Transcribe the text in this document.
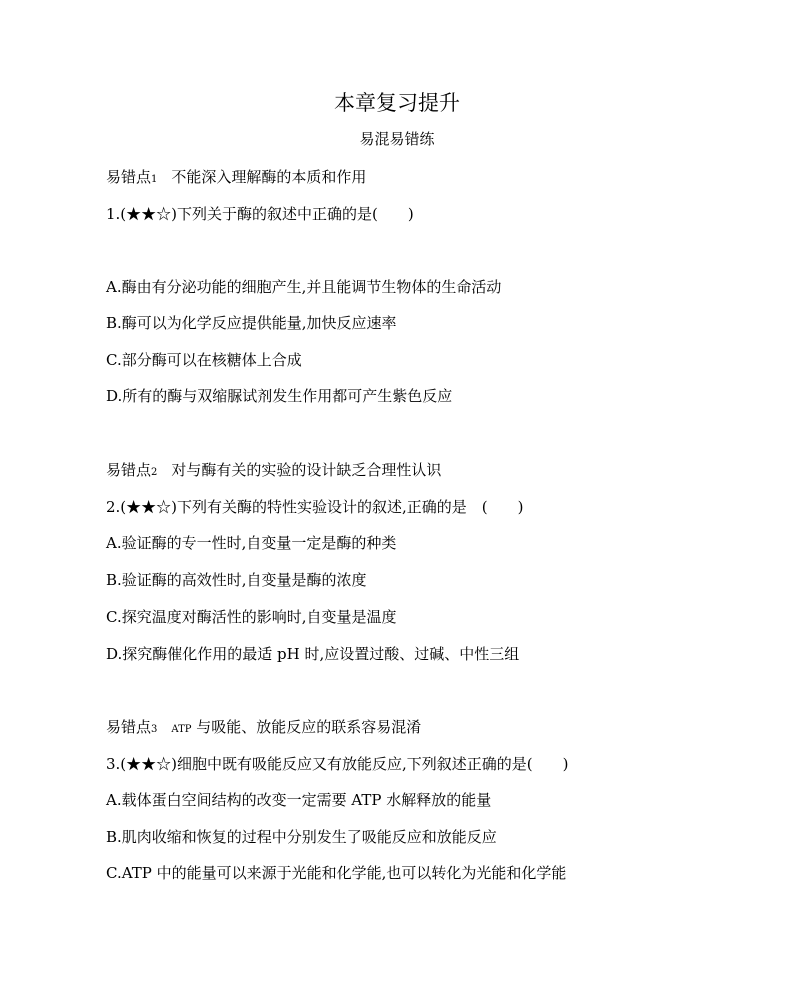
本章复习提升
易混易错练
易错点1 不能深入理解酶的本质和作用
1.(★★☆)下列关于酶的叙述中正确的是(　　)
A.酶由有分泌功能的细胞产生,并且能调节生物体的生命活动
B.酶可以为化学反应提供能量,加快反应速率
C.部分酶可以在核糖体上合成
D.所有的酶与双缩脲试剂发生作用都可产生紫色反应
易错点2 对与酶有关的实验的设计缺乏合理性认识
2.(★★☆)下列有关酶的特性实验设计的叙述,正确的是　(　　)
A.验证酶的专一性时,自变量一定是酶的种类
B.验证酶的高效性时,自变量是酶的浓度
C.探究温度对酶活性的影响时,自变量是温度
D.探究酶催化作用的最适 pH 时,应设置过酸、过碱、中性三组
易错点3 ATP 与吸能、放能反应的联系容易混淆
3.(★★☆)细胞中既有吸能反应又有放能反应,下列叙述正确的是(　　)
A.载体蛋白空间结构的改变一定需要 ATP 水解释放的能量
B.肌肉收缩和恢复的过程中分别发生了吸能反应和放能反应
C.ATP 中的能量可以来源于光能和化学能,也可以转化为光能和化学能
